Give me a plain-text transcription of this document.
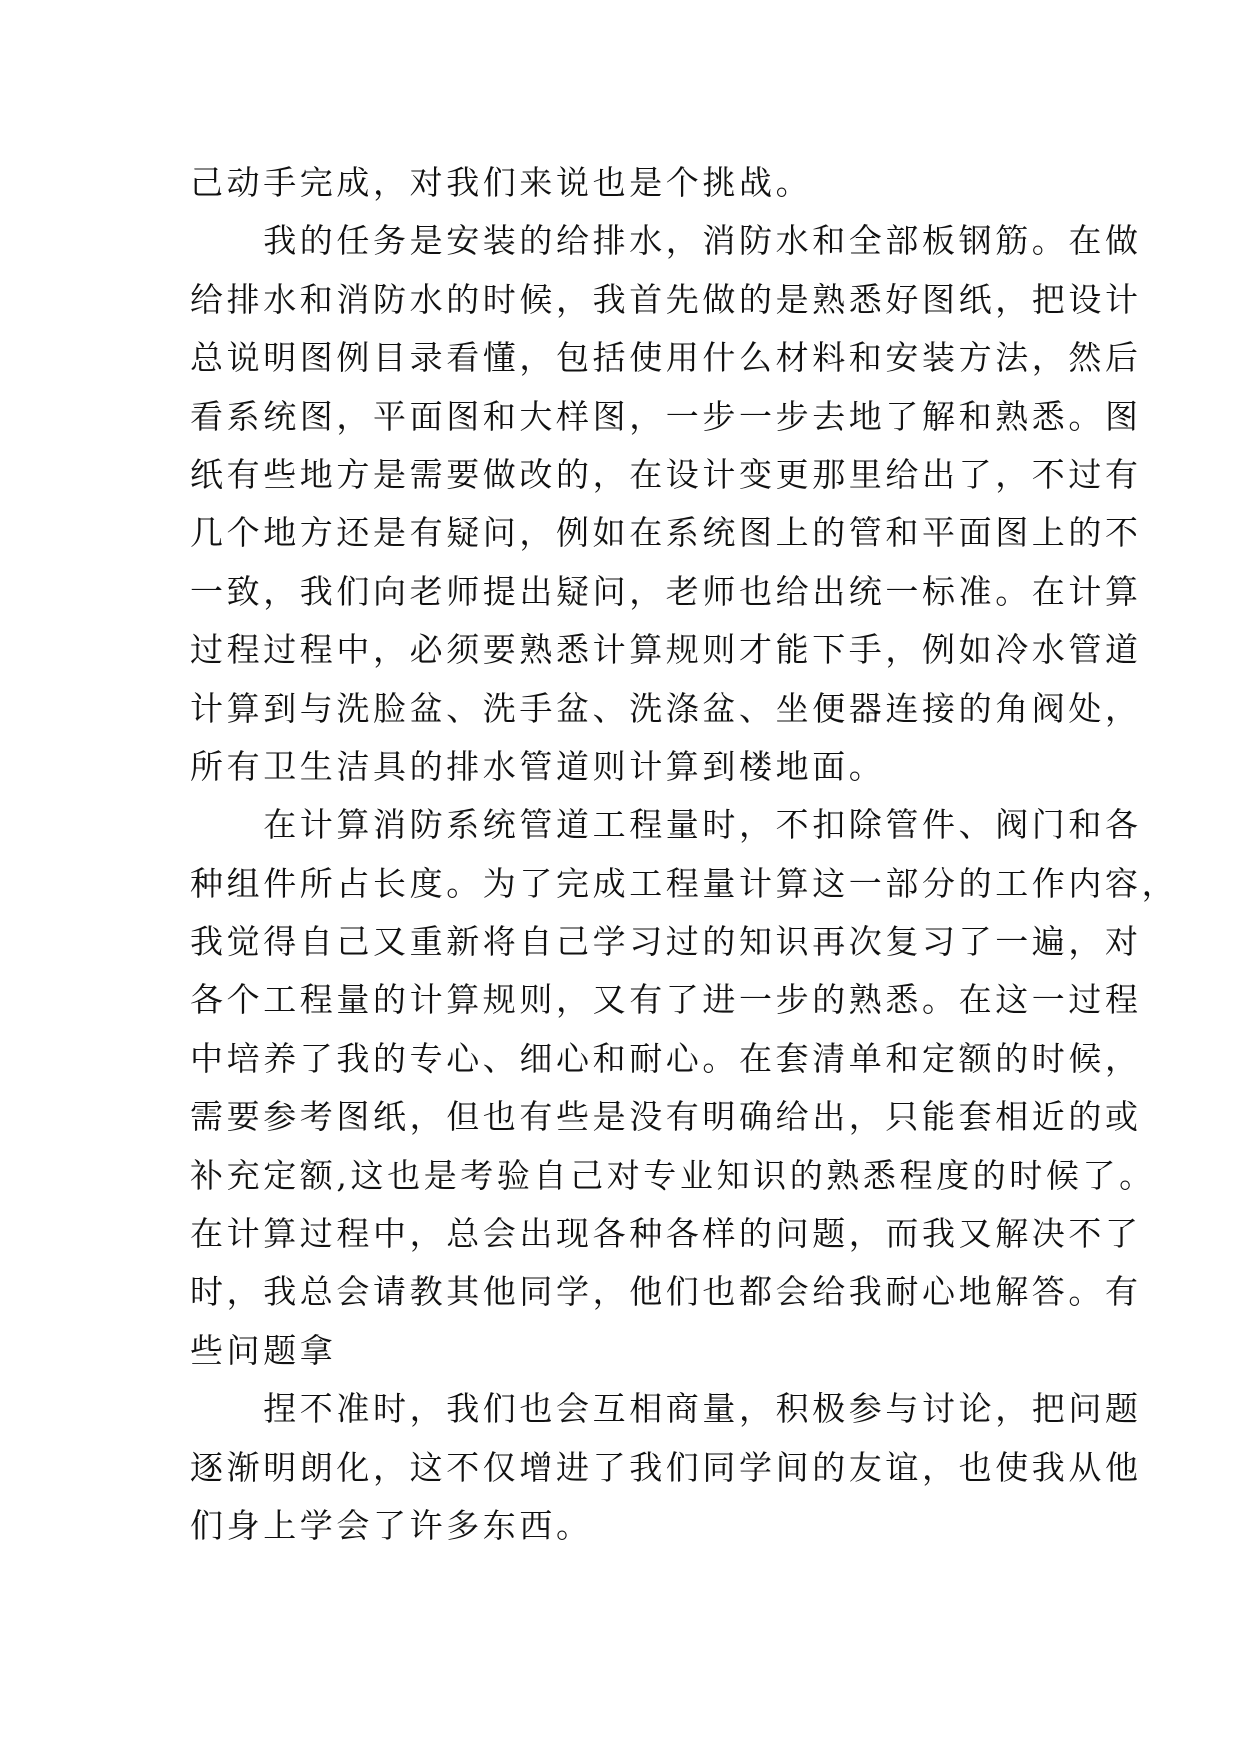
己动手完成，对我们来说也是个挑战。
　　我的任务是安装的给排水，消防水和全部板钢筋。在做
给排水和消防水的时候，我首先做的是熟悉好图纸，把设计
总说明图例目录看懂，包括使用什么材料和安装方法，然后
看系统图，平面图和大样图，一步一步去地了解和熟悉。图
纸有些地方是需要做改的，在设计变更那里给出了，不过有
几个地方还是有疑问，例如在系统图上的管和平面图上的不
一致，我们向老师提出疑问，老师也给出统一标准。在计算
过程过程中，必须要熟悉计算规则才能下手，例如冷水管道
计算到与洗脸盆、洗手盆、洗涤盆、坐便器连接的角阀处，
所有卫生洁具的排水管道则计算到楼地面。
　　在计算消防系统管道工程量时，不扣除管件、阀门和各
种组件所占长度。为了完成工程量计算这一部分的工作内容，
我觉得自己又重新将自己学习过的知识再次复习了一遍，对
各个工程量的计算规则，又有了进一步的熟悉。在这一过程
中培养了我的专心、细心和耐心。在套清单和定额的时候，
需要参考图纸，但也有些是没有明确给出，只能套相近的或
补充定额,这也是考验自己对专业知识的熟悉程度的时候了。
在计算过程中，总会出现各种各样的问题，而我又解决不了
时，我总会请教其他同学，他们也都会给我耐心地解答。有
些问题拿
　　捏不准时，我们也会互相商量，积极参与讨论，把问题
逐渐明朗化，这不仅增进了我们同学间的友谊，也使我从他
们身上学会了许多东西。
